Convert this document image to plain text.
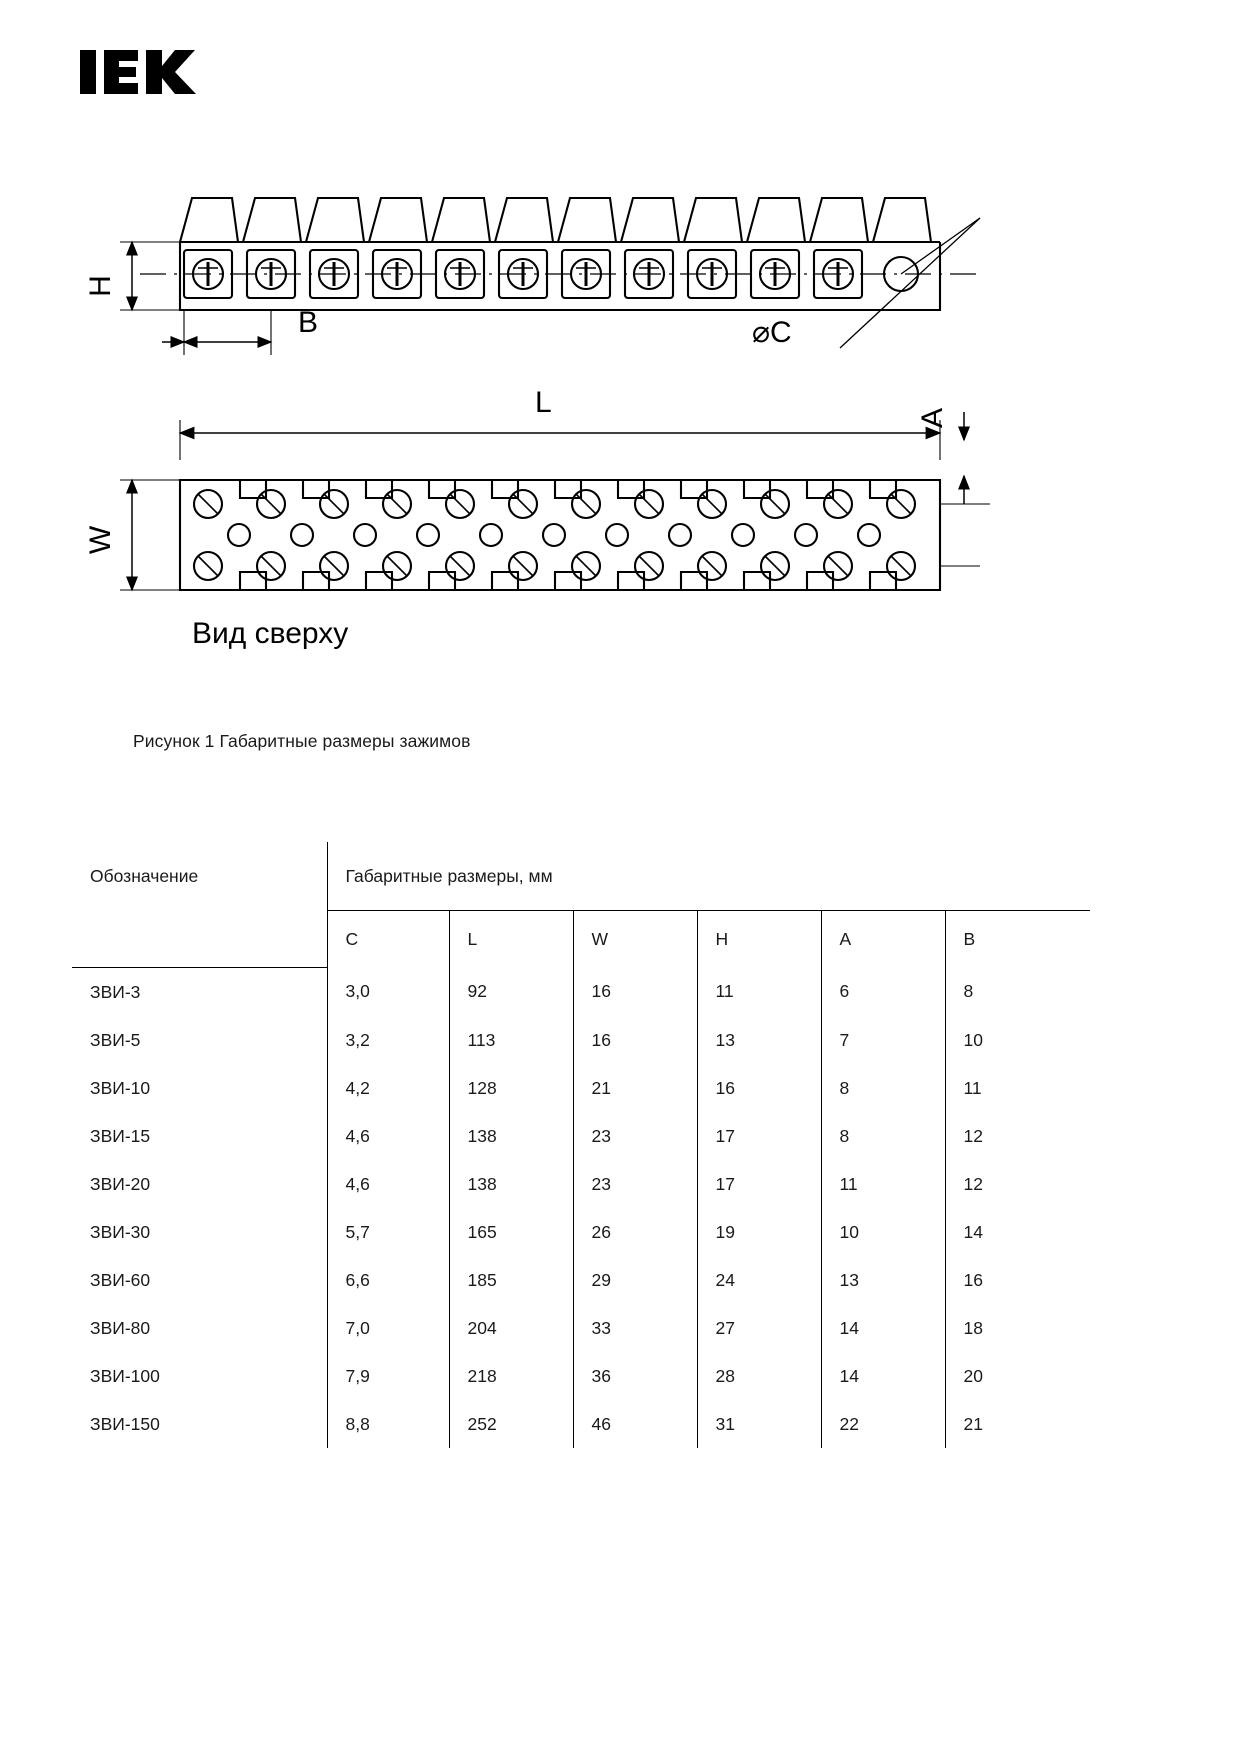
H
B	⌀C
L	A
W
Вид сверху
Рисунок 1 Габаритные размеры зажимов
Обозначение	Габаритные размеры, мм					

	C	L	W	H	A	B

ЗВИ-3	3,0	92	16	11	6	8

ЗВИ-5	3,2	113	16	13	7	10

ЗВИ-10	4,2	128	21	16	8	11

ЗВИ-15	4,6	138	23	17	8	12

ЗВИ-20	4,6	138	23	17	11	12

ЗВИ-30	5,7	165	26	19	10	14

ЗВИ-60	6,6	185	29	24	13	16

ЗВИ-80	7,0	204	33	27	14	18

ЗВИ-100	7,9	218	36	28	14	20

ЗВИ-150	8,8	252	46	31	22	21
